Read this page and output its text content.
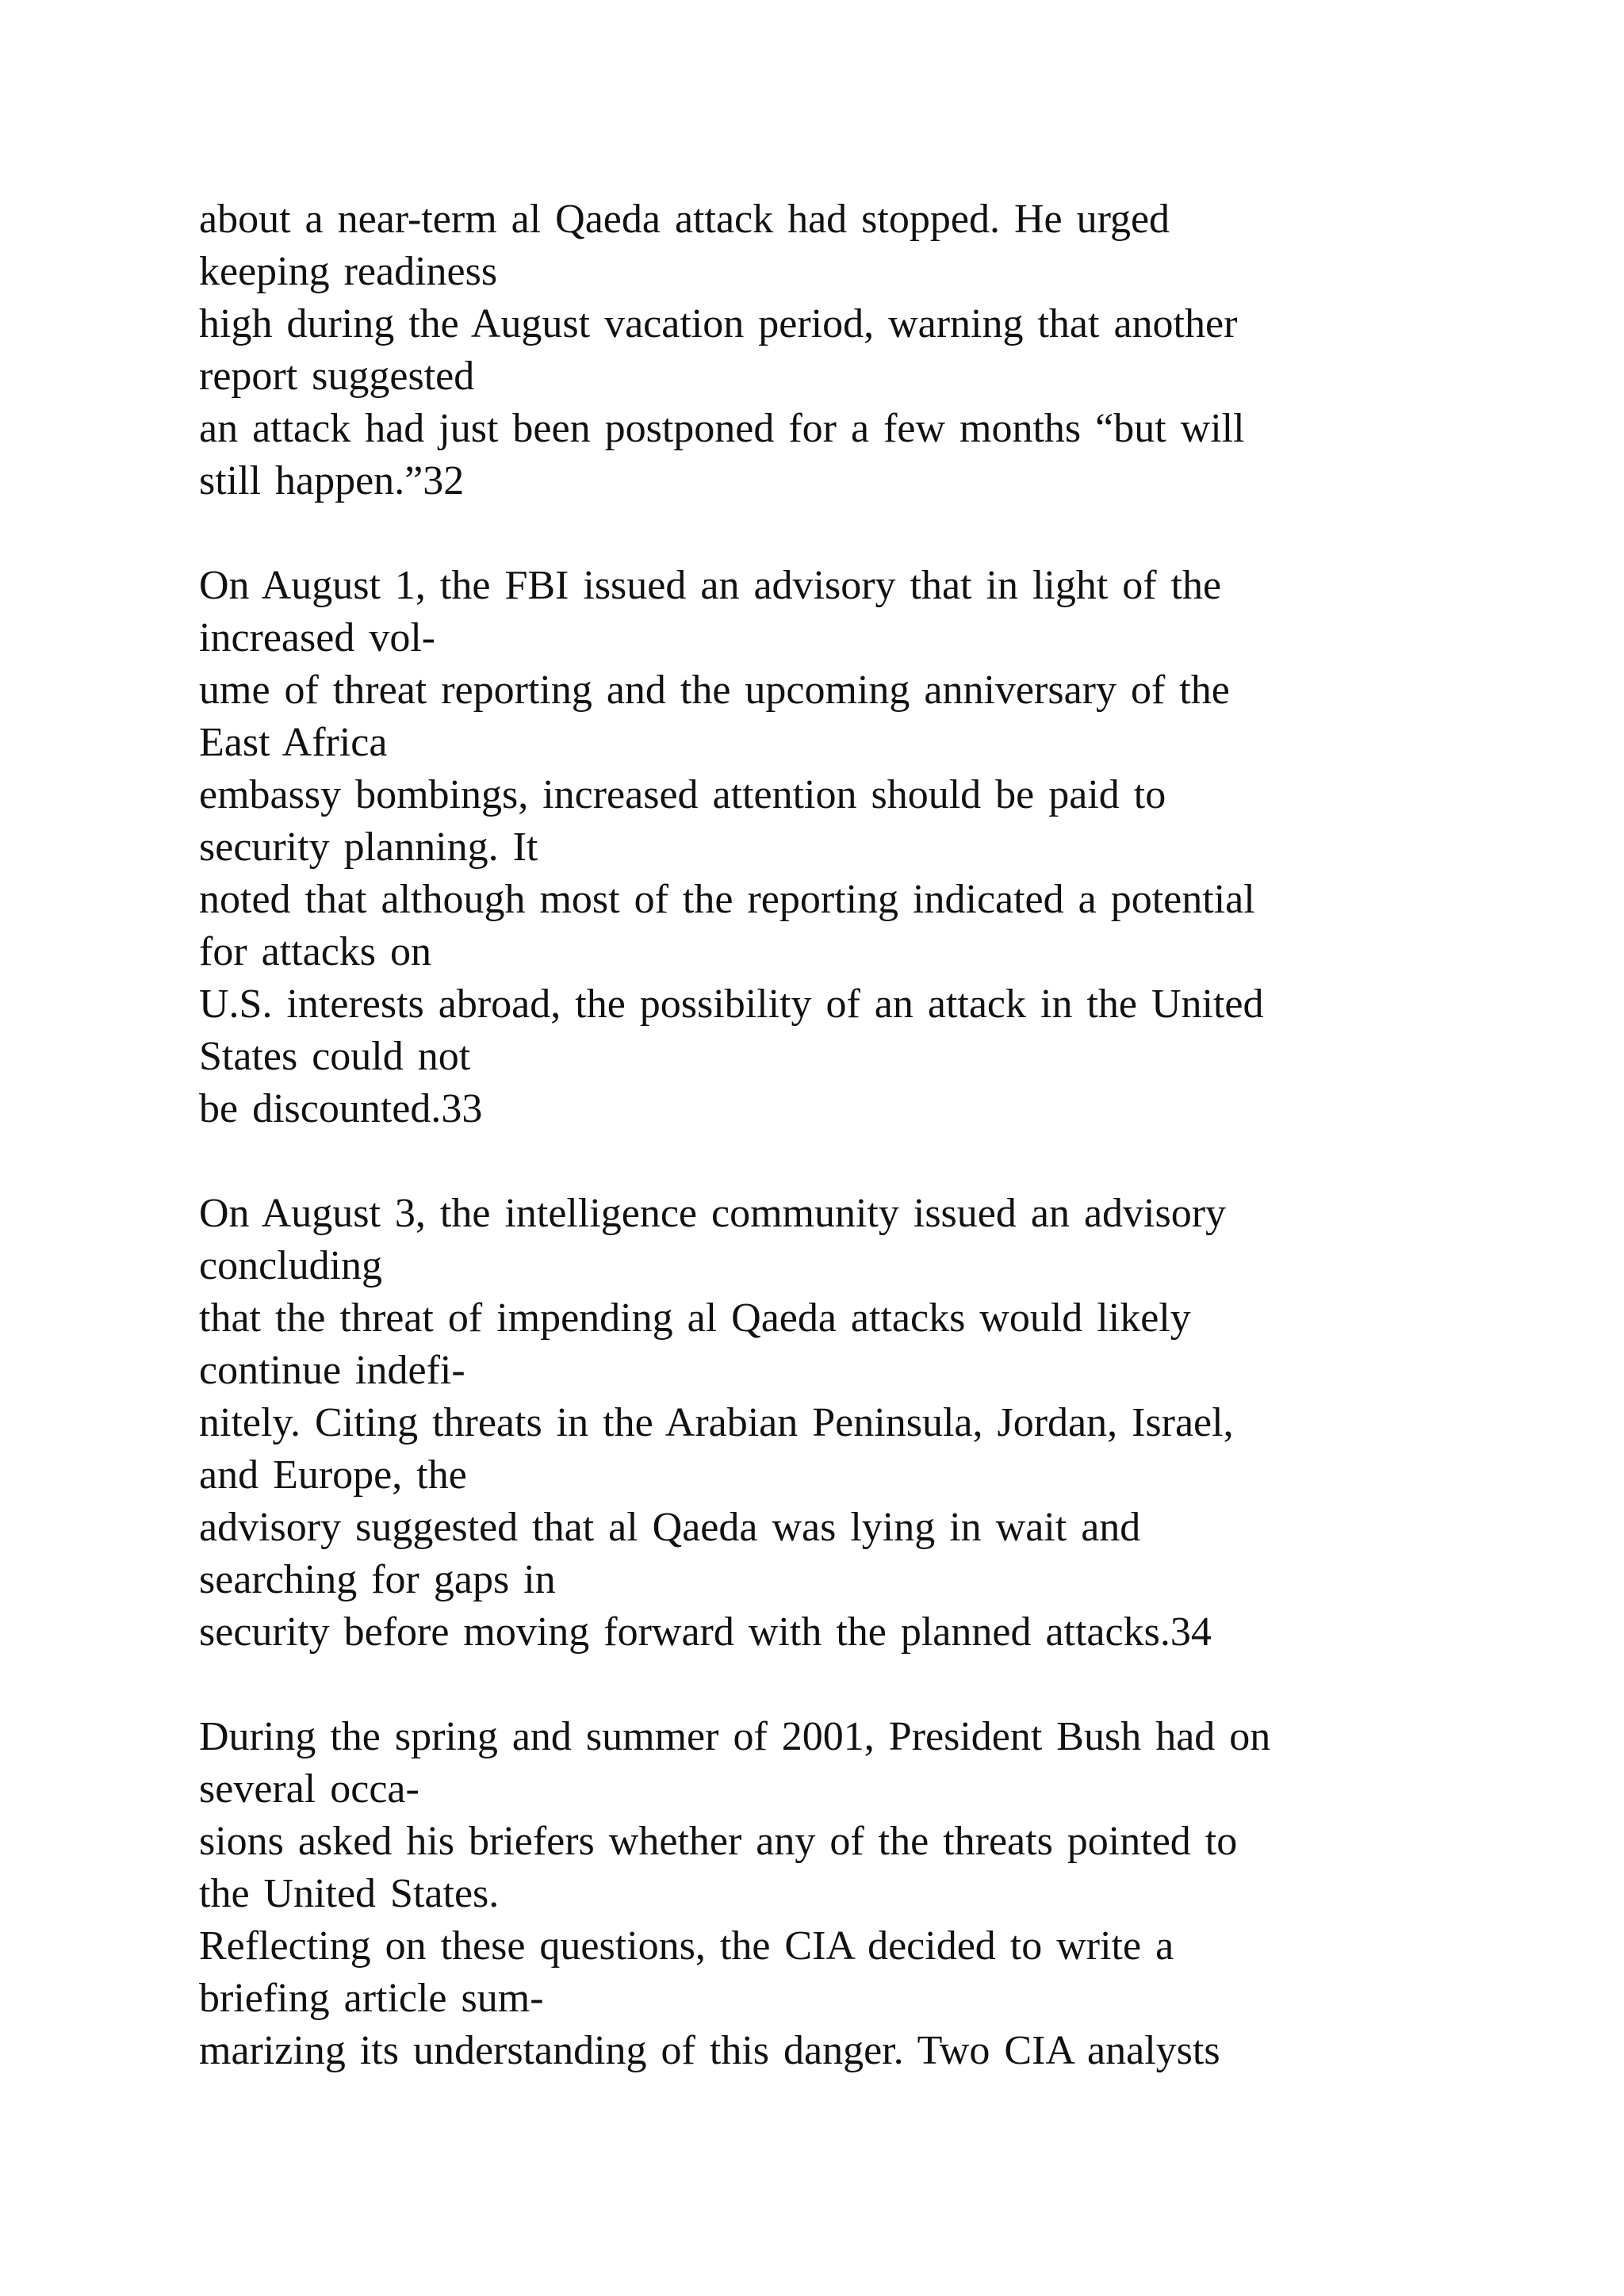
about a near-term al Qaeda attack had stopped. He urged
keeping readiness
high during the August vacation period, warning that another
report suggested
an attack had just been postponed for a few months “but will
still happen.”32
On August 1, the FBI issued an advisory that in light of the
increased vol-
ume of threat reporting and the upcoming anniversary of the
East Africa
embassy bombings, increased attention should be paid to
security planning. It
noted that although most of the reporting indicated a potential
for attacks on
U.S. interests abroad, the possibility of an attack in the United
States could not
be discounted.33
On August 3, the intelligence community issued an advisory
concluding
that the threat of impending al Qaeda attacks would likely
continue indefi-
nitely. Citing threats in the Arabian Peninsula, Jordan, Israel,
and Europe, the
advisory suggested that al Qaeda was lying in wait and
searching for gaps in
security before moving forward with the planned attacks.34
During the spring and summer of 2001, President Bush had on
several occa-
sions asked his briefers whether any of the threats pointed to
the United States.
Reflecting on these questions, the CIA decided to write a
briefing article sum-
marizing its understanding of this danger. Two CIA analysts
